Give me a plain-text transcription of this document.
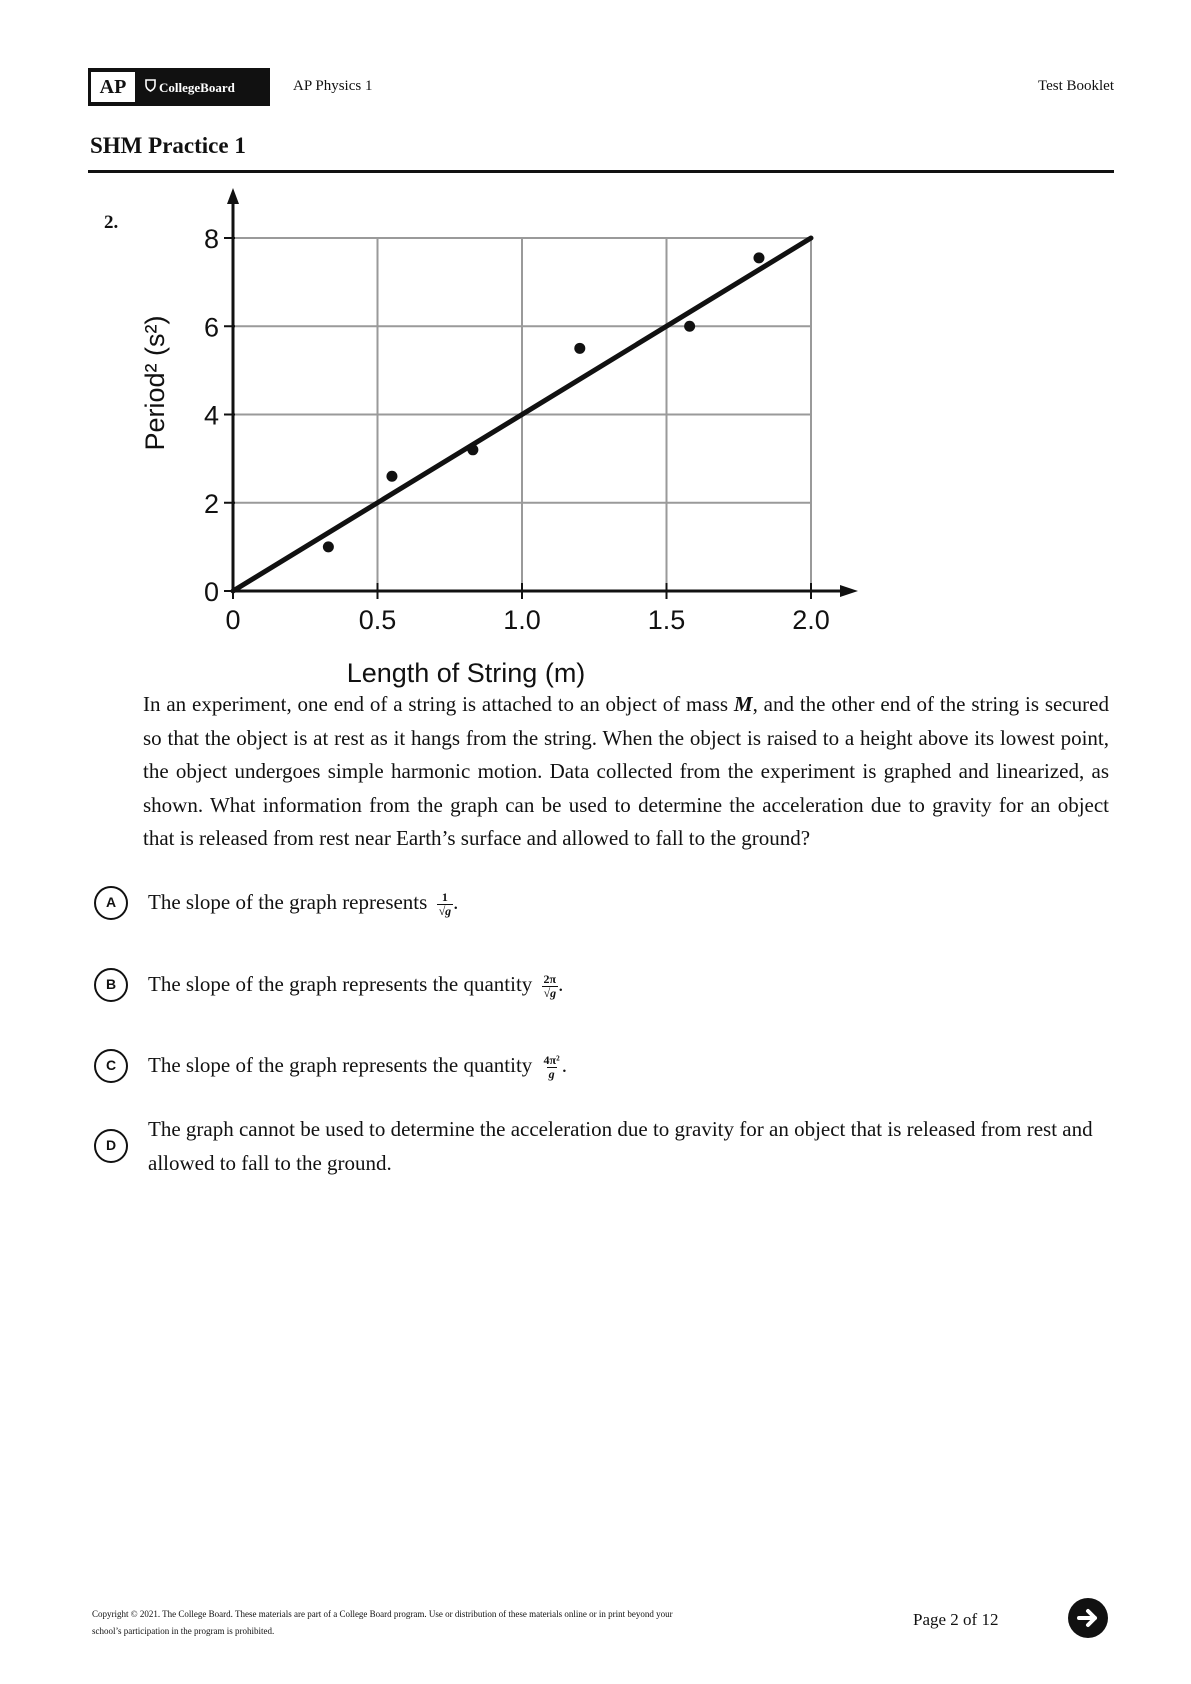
AP	CollegeBoard	AP Physics 1	Test Booklet
SHM Practice 1
2.
0	0.5	1.0	1.5	2.0
0
2
4
6
8
Length of String (m)
Period² (s²)
In an experiment, one end of a string is attached to an object of mass M, and the other end of the string is secured so that the object is at rest as it hangs from the string. When the object is raised to a height above its lowest point, the object undergoes simple harmonic motion. Data collected from the experiment is graphed and linearized, as shown. What information from the graph can be used to determine the acceleration due to gravity for an object that is released from rest near Earth’s surface and allowed to fall to the ground?
A	The slope of the graph represents $\frac{1}{√g}$ .
B	The slope of the graph represents the quantity $\frac{2\pi}{√g}$ .
C	The slope of the graph represents the quantity $\frac{\text{4π²}}{g}$ .
D
The graph cannot be used to determine the acceleration due to gravity for an object that is released from rest and allowed to fall to the ground.
Copyright © 2021. The College Board. These materials are part of a College Board program. Use or distribution of these materials online or in print beyond your
school’s participation in the program is prohibited.
Page 2 of 12
